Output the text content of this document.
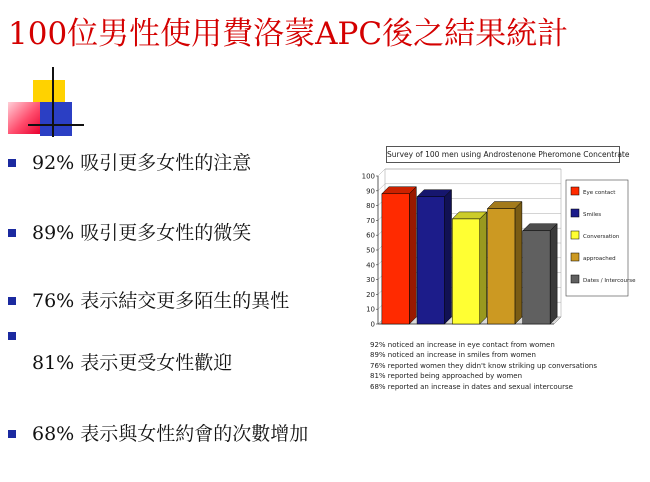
100位男性使用費洛蒙APC後之結果統計
92% 吸引更多女性的注意
89% 吸引更多女性的微笑
76% 表示結交更多陌生的異性
81% 表示更受女性歡迎
68% 表示與女性約會的次數增加
Survey of 100 men using Androstenone Pheromone Concentrate
0
10
20
30
40
50
60
70
80
90
100
Eye contact
Smiles
Conversation
approached
Dates / Intercourse
92% noticed an increase in eye contact from women
89% noticed an increase in smiles from women
76% reported women they didn't know striking up conversations
81% reported being approached by women
68% reported an increase in dates and sexual intercourse
